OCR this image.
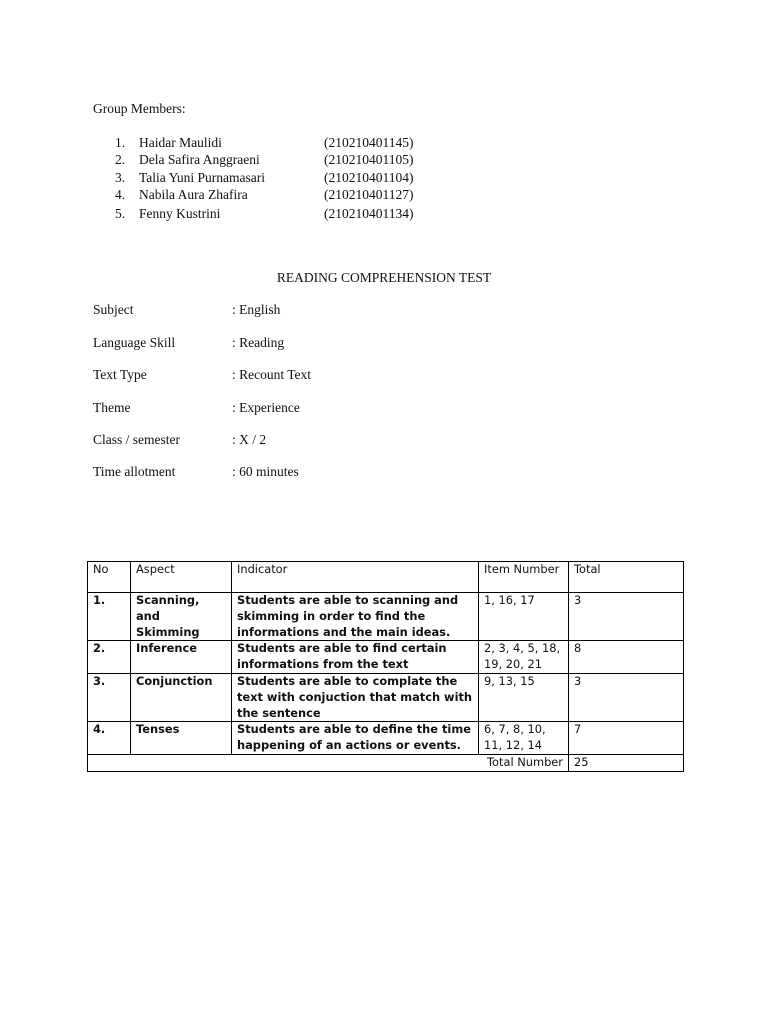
Group Members:
1. Haidar Maulidi	(210210401145)
2. Dela Safira Anggraeni	(210210401105)
3. Talia Yuni Purnamasari	(210210401104)
4. Nabila Aura Zhafira	(210210401127)
5. Fenny Kustrini	(210210401134)
READING COMPREHENSION TEST
Subject	: English
Language Skill	: Reading
Text Type	: Recount Text
Theme	: Experience
Class / semester	: X / 2
Time allotment	: 60 minutes
No	Aspect	Indicator	Item Number	Total
1.	Scanning, and Skimming	Students are able to scanning and skimming in order to find the informations and the main ideas.	1, 16, 17	3
2.	Inference	Students are able to find certain informations from the text	2, 3, 4, 5, 18, 19, 20, 21	8
3.	Conjunction	Students are able to complate the text with conjuction that match with the sentence	9, 13, 15	3
4.	Tenses	Students are able to define the time happening of an actions or events.	6, 7, 8, 10, 11, 12, 14	7
Total Number				25
